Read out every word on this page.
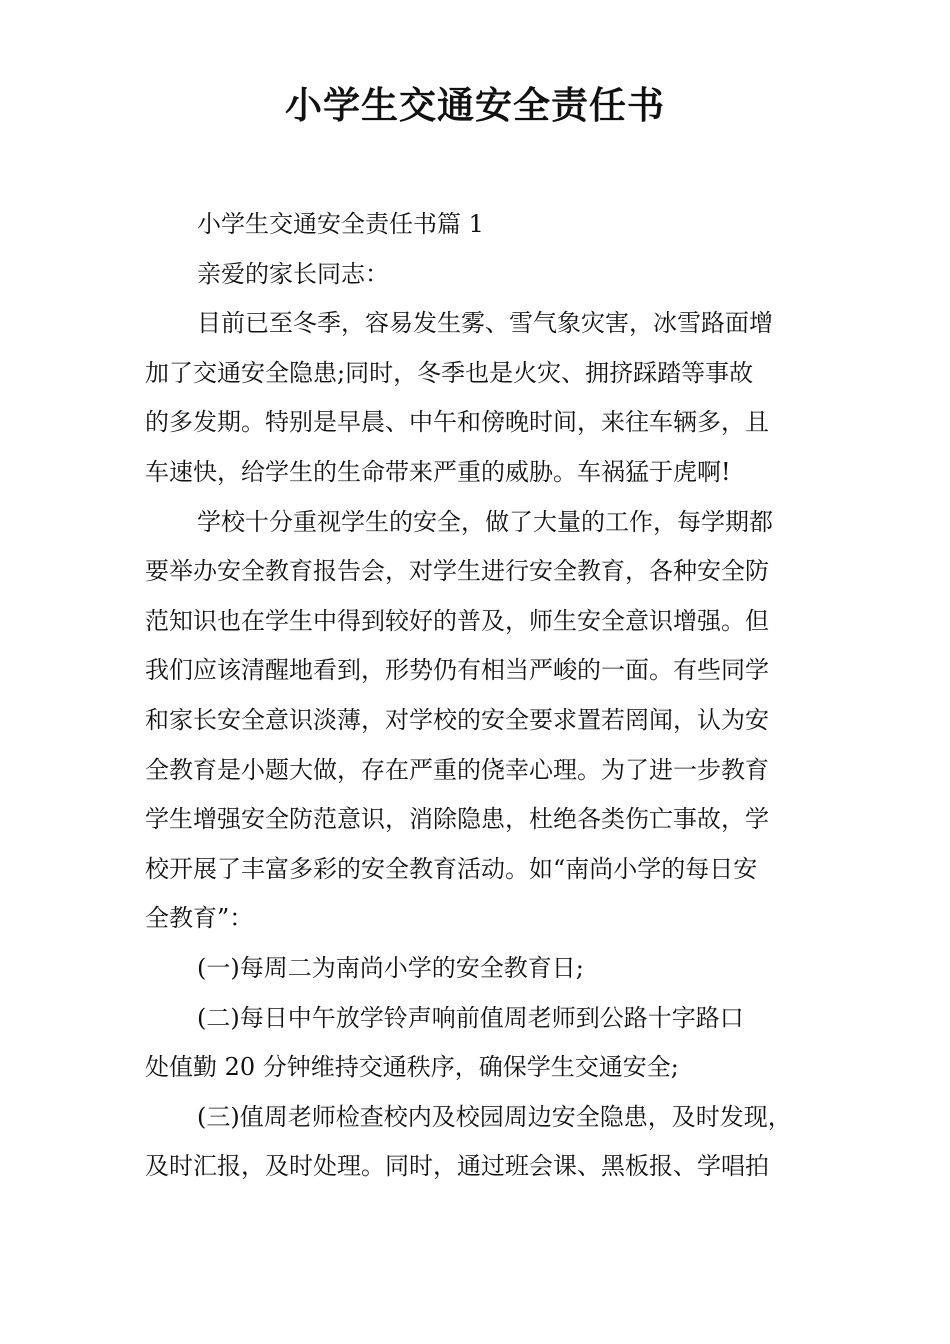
小学生交通安全责任书
小学生交通安全责任书篇 1
亲爱的家长同志：
目前已至冬季，容易发生雾、雪气象灾害，冰雪路面增
加了交通安全隐患;同时，冬季也是火灾、拥挤踩踏等事故
的多发期。特别是早晨、中午和傍晚时间，来往车辆多，且
车速快，给学生的生命带来严重的威胁。车祸猛于虎啊!
学校十分重视学生的安全，做了大量的工作，每学期都
要举办安全教育报告会，对学生进行安全教育，各种安全防
范知识也在学生中得到较好的普及，师生安全意识增强。但
我们应该清醒地看到，形势仍有相当严峻的一面。有些同学
和家长安全意识淡薄，对学校的安全要求置若罔闻，认为安
全教育是小题大做，存在严重的侥幸心理。为了进一步教育
学生增强安全防范意识，消除隐患，杜绝各类伤亡事故，学
校开展了丰富多彩的安全教育活动。如“南尚小学的每日安
全教育”：
(一)每周二为南尚小学的安全教育日;
(二)每日中午放学铃声响前值周老师到公路十字路口
处值勤 20 分钟维持交通秩序，确保学生交通安全;
(三)值周老师检查校内及校园周边安全隐患，及时发现，
及时汇报，及时处理。同时，通过班会课、黑板报、学唱拍
